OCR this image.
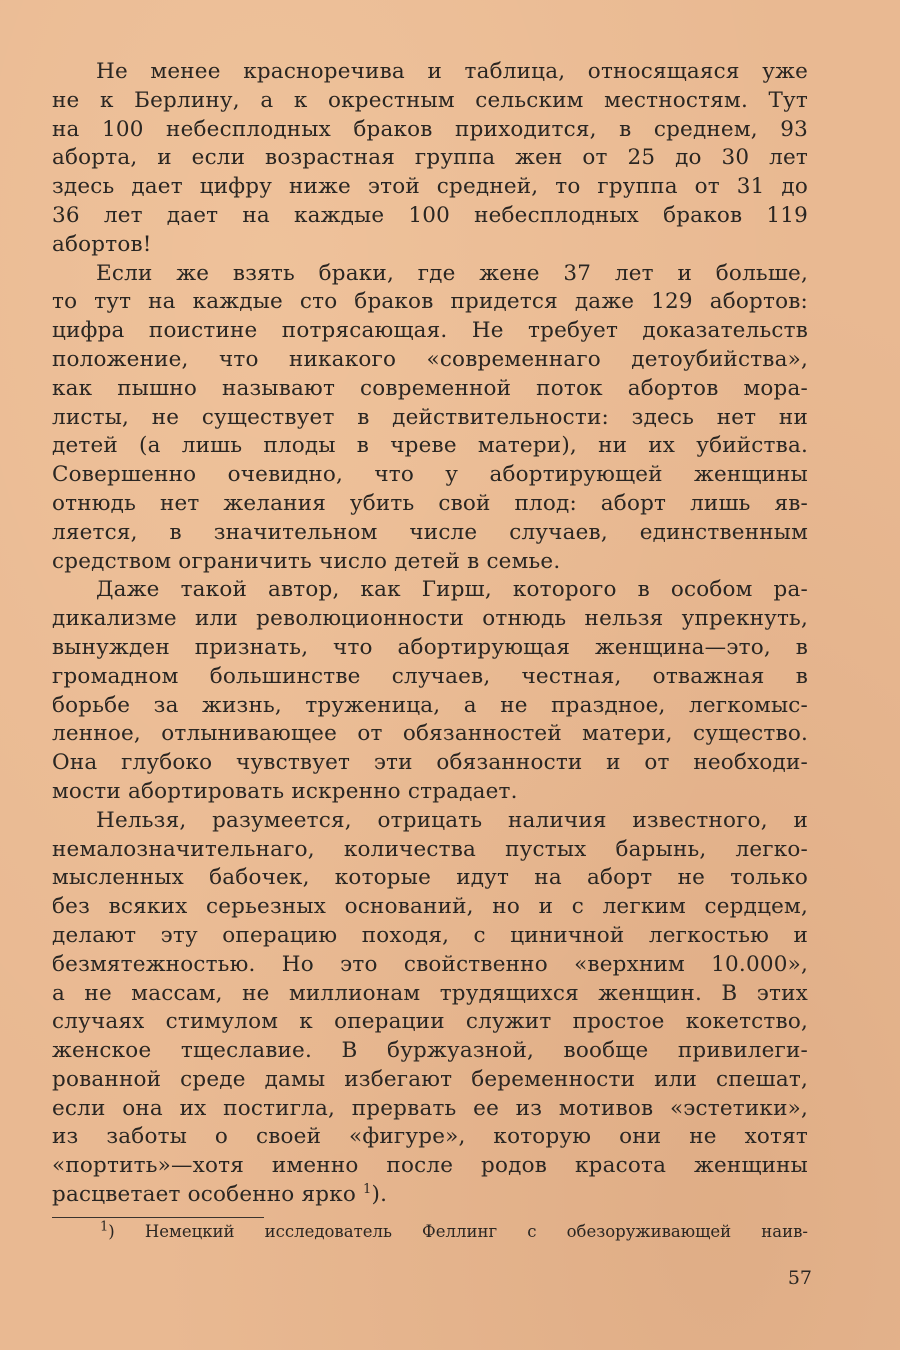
Не менее красноречива и таблица, относящаяся уже
не к Берлину, а к окрестным сельским местностям. Тут
на 100 небесплодных браков приходится, в среднем, 93
аборта, и если возрастная группа жен от 25 до 30 лет
здесь дает цифру ниже этой средней, то группа от 31 до
36 лет дает на каждые 100 небесплодных браков 119
абортов!
Если же взять браки, где жене 37 лет и больше,
то тут на каждые сто браков придется даже 129 абортов:
цифра поистине потрясающая. Не требует доказательств
положение, что никакого «современнаго детоубийства»,
как пышно называют современной поток абортов мора-
листы, не существует в действительности: здесь нет ни
детей (а лишь плоды в чреве матери), ни их убийства.
Совершенно очевидно, что у абортирующей женщины
отнюдь нет желания убить свой плод: аборт лишь яв-
ляется, в значительном числе случаев, единственным
средством ограничить число детей в семье.
Даже такой автор, как Гирш, которого в особом ра-
дикализме или революционности отнюдь нельзя упрекнуть,
вынужден признать, что абортирующая женщина—это, в
громадном большинстве случаев, честная, отважная в
борьбе за жизнь, труженица, а не праздное, легкомыс-
ленное, отлынивающее от обязанностей матери, существо.
Она глубоко чувствует эти обязанности и от необходи-
мости абортировать искренно страдает.
Нельзя, разумеется, отрицать наличия известного, и
немалозначительнаго, количества пустых барынь, легко-
мысленных бабочек, которые идут на аборт не только
без всяких серьезных оснований, но и с легким сердцем,
делают эту операцию походя, с циничной легкостью и
безмятежностью. Но это свойственно «верхним 10.000»,
а не массам, не миллионам трудящихся женщин. В этих
случаях стимулом к операции служит простое кокетство,
женское тщеславие. В буржуазной, вообще привилеги-
рованной среде дамы избегают беременности или спешат,
если она их постигла, прервать ее из мотивов «эстетики»,
из заботы о своей «фигуре», которую они не хотят
«портить»—хотя именно после родов красота женщины
расцветает особенно ярко $^1$).
$^1$) Немецкий исследователь Феллинг с обезоруживающей наив-
57
